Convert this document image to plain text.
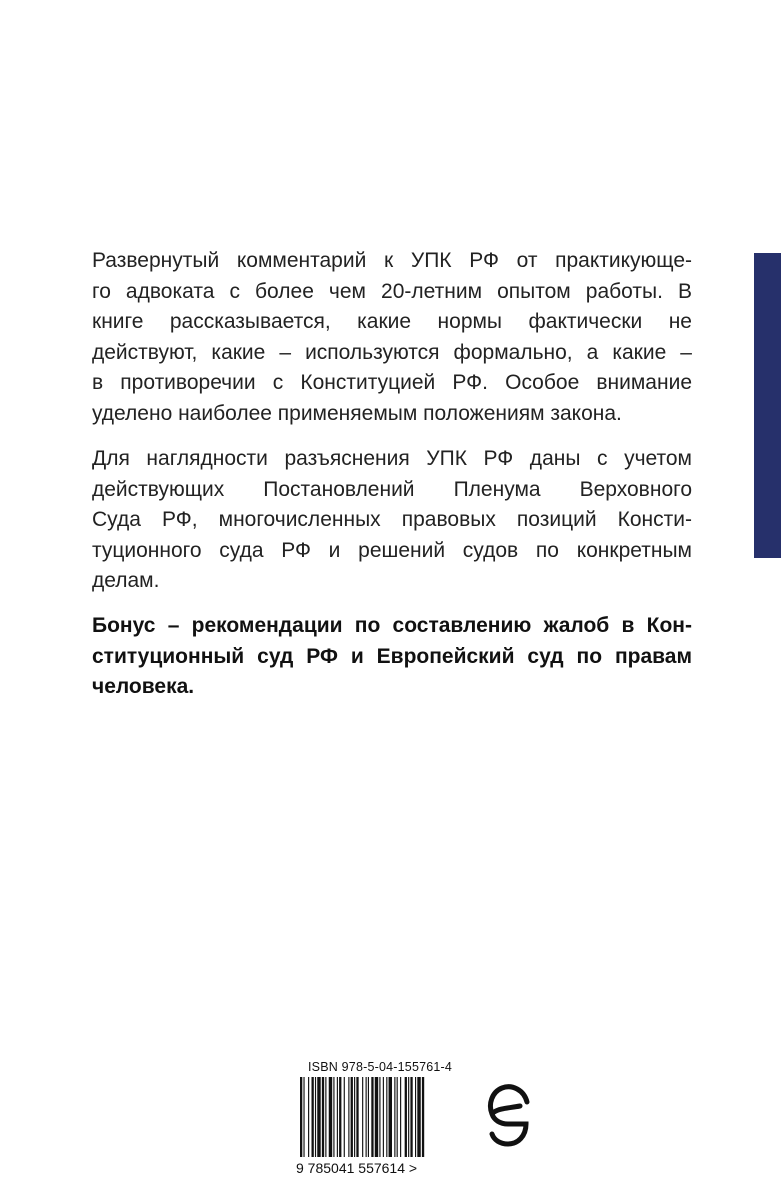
Развернутый комментарий к УПК РФ от практикующе-
го адвоката с более чем 20-летним опытом работы. В
книге рассказывается, какие нормы фактически не
действуют, какие – используются формально, а какие –
в противоречии с Конституцией РФ. Особое внимание
уделено наиболее применяемым положениям закона.
Для наглядности разъяснения УПК РФ даны с учетом
действующих Постановлений Пленума Верховного
Суда РФ, многочисленных правовых позиций Консти-
туционного суда РФ и решений судов по конкретным
делам.
Бонус – рекомендации по составлению жалоб в Кон-
ституционный суд РФ и Европейский суд по правам
человека.
ISBN 978-5-04-155761-4
9 785041 557614 >
